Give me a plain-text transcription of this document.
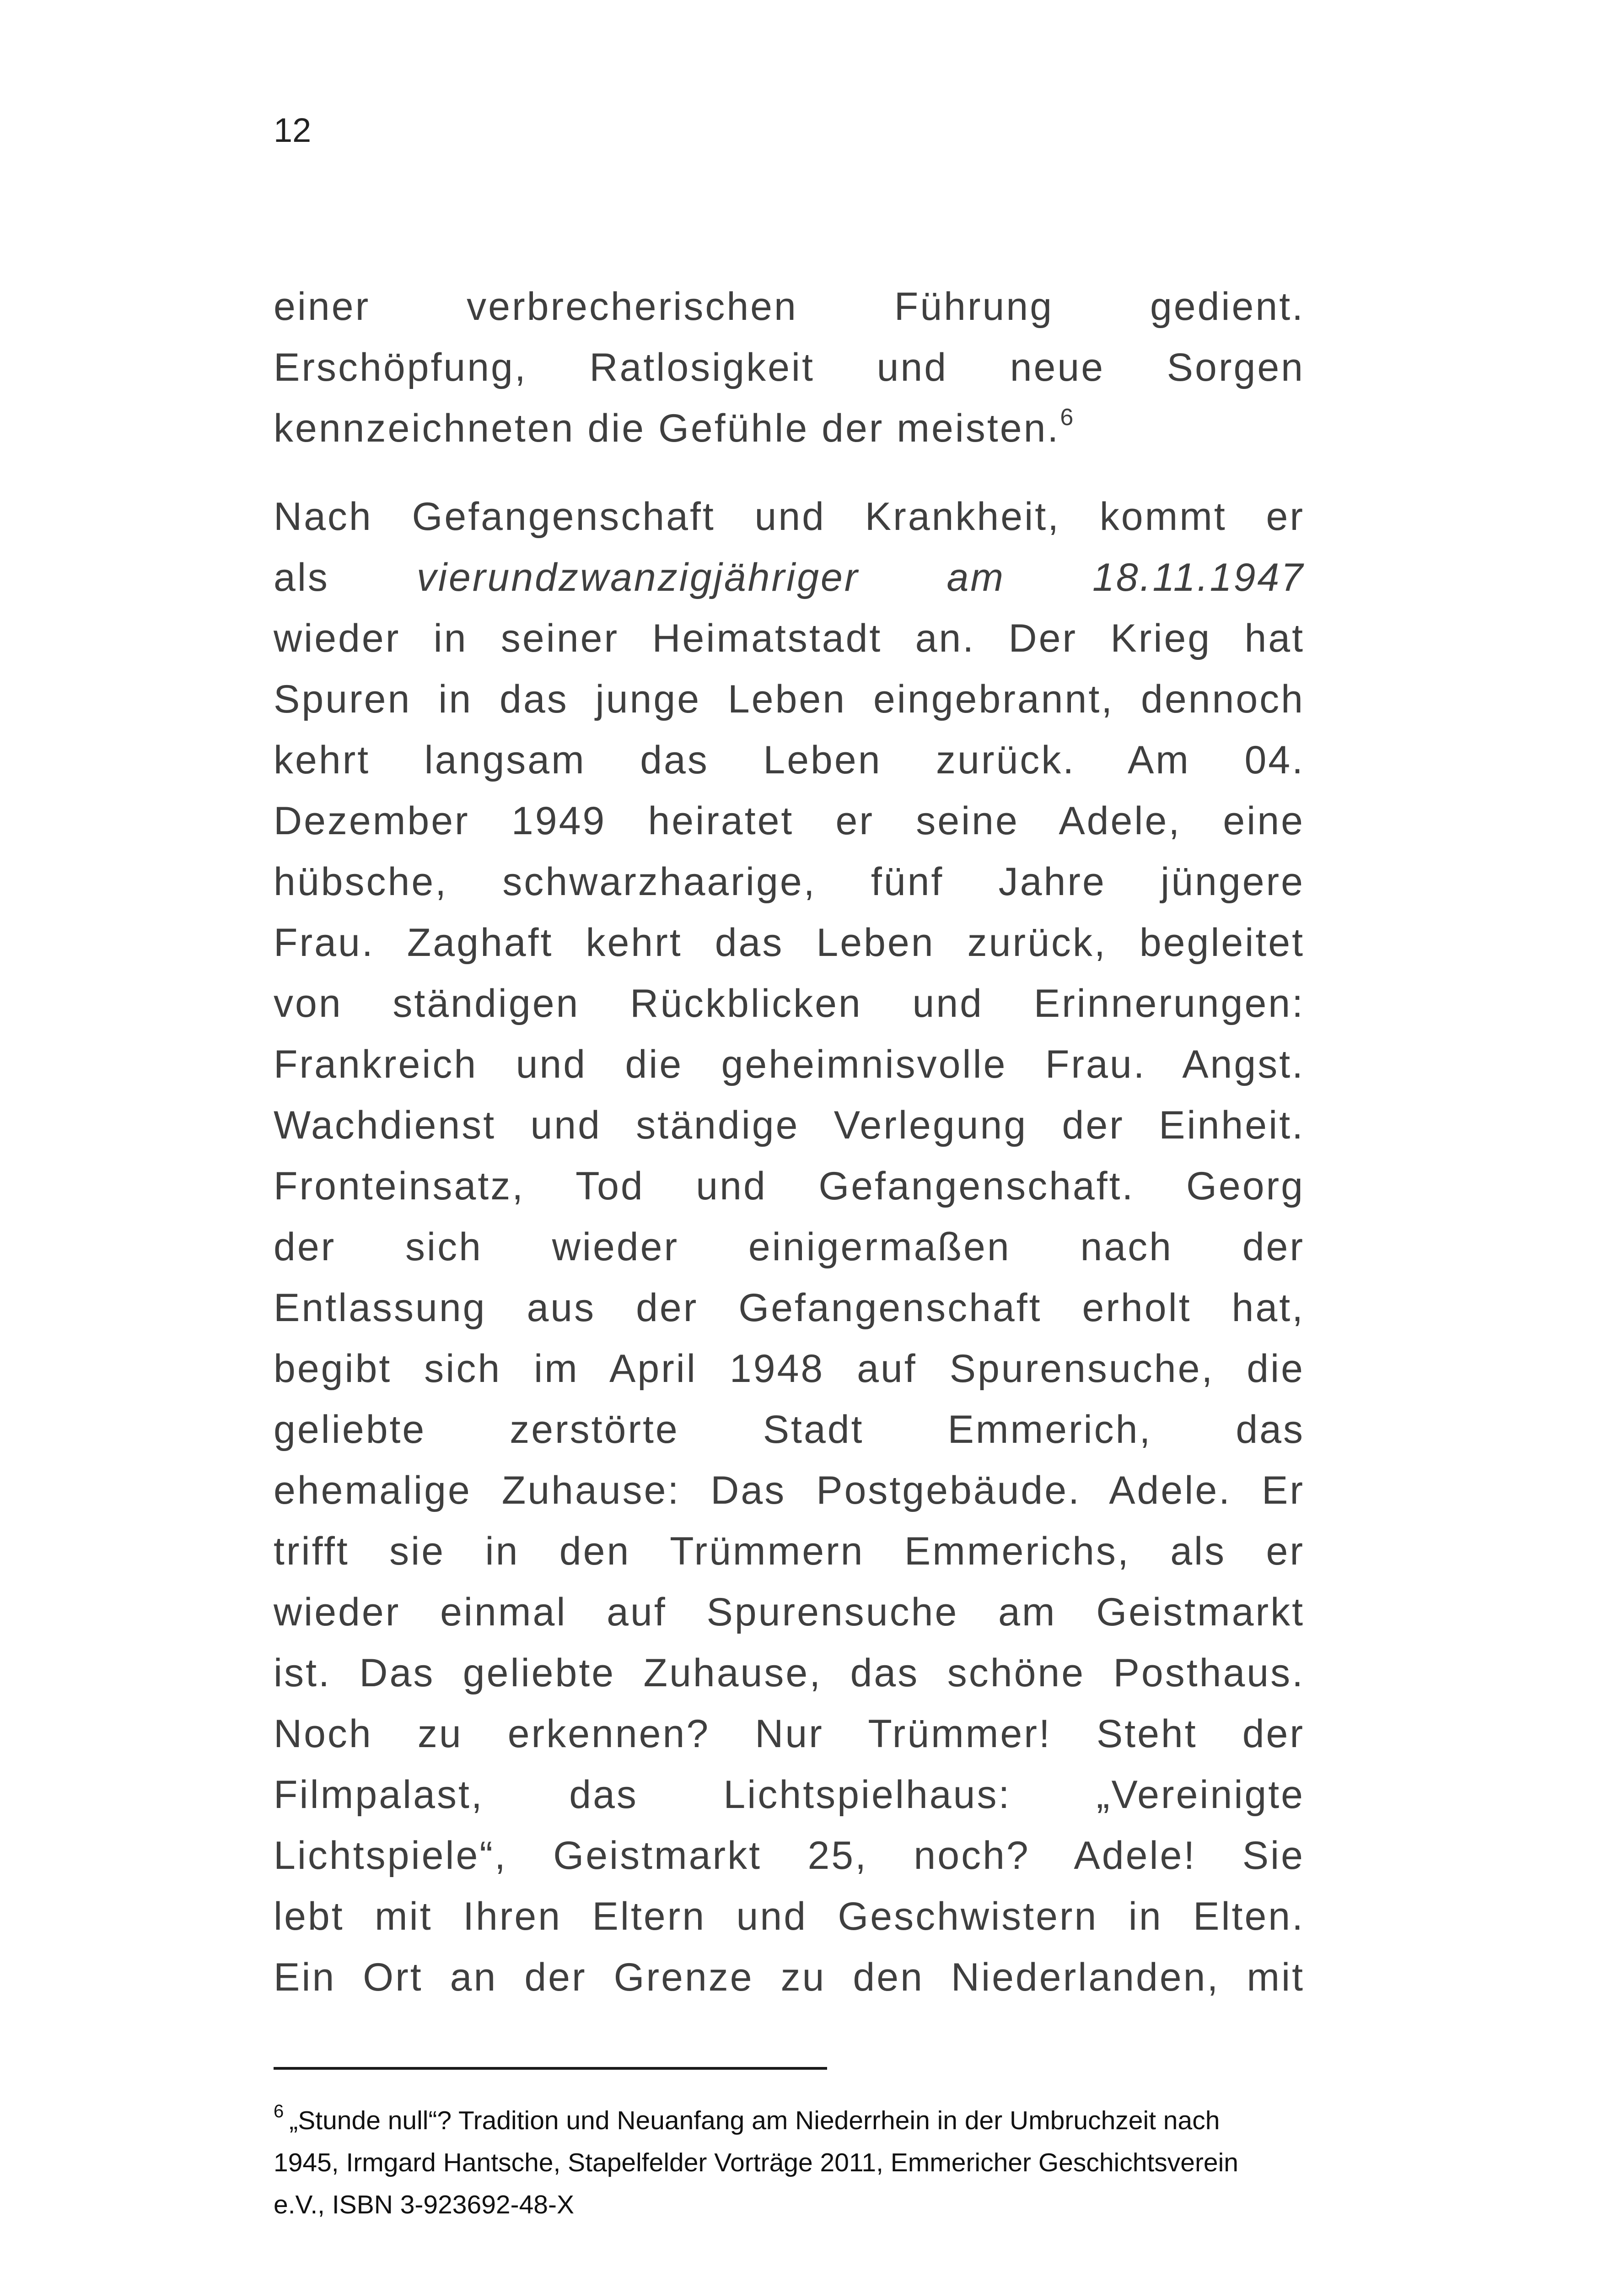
12

einer verbrecherischen Führung gedient.

Erschöpfung, Ratlosigkeit und neue Sorgen

kennzeichneten die Gefühle der meisten.$^6$

Nach Gefangenschaft und Krankheit, kommt er

als vierundzwanzigjähriger am 18.11.1947

wieder in seiner Heimatstadt an. Der Krieg hat

Spuren in das junge Leben eingebrannt, dennoch

kehrt langsam das Leben zurück. Am 04.

Dezember 1949 heiratet er seine Adele, eine

hübsche, schwarzhaarige, fünf Jahre jüngere

Frau. Zaghaft kehrt das Leben zurück, begleitet

von ständigen Rückblicken und Erinnerungen:

Frankreich und die geheimnisvolle Frau. Angst.

Wachdienst und ständige Verlegung der Einheit.

Fronteinsatz, Tod und Gefangenschaft. Georg

der sich wieder einigermaßen nach der

Entlassung aus der Gefangenschaft erholt hat,

begibt sich im April 1948 auf Spurensuche, die

geliebte zerstörte Stadt Emmerich, das

ehemalige Zuhause: Das Postgebäude. Adele. Er

trifft sie in den Trümmern Emmerichs, als er

wieder einmal auf Spurensuche am Geistmarkt

ist. Das geliebte Zuhause, das schöne Posthaus.

Noch zu erkennen? Nur Trümmer! Steht der

Filmpalast, das Lichtspielhaus: „Vereinigte

Lichtspiele“, Geistmarkt 25, noch? Adele! Sie

lebt mit Ihren Eltern und Geschwistern in Elten.

Ein Ort an der Grenze zu den Niederlanden, mit

$^6$ „Stunde null“? Tradition und Neuanfang am Niederrhein in der Umbruchzeit nach

1945, Irmgard Hantsche, Stapelfelder Vorträge 2011, Emmericher Geschichtsverein

e.V., ISBN 3-923692-48-X
